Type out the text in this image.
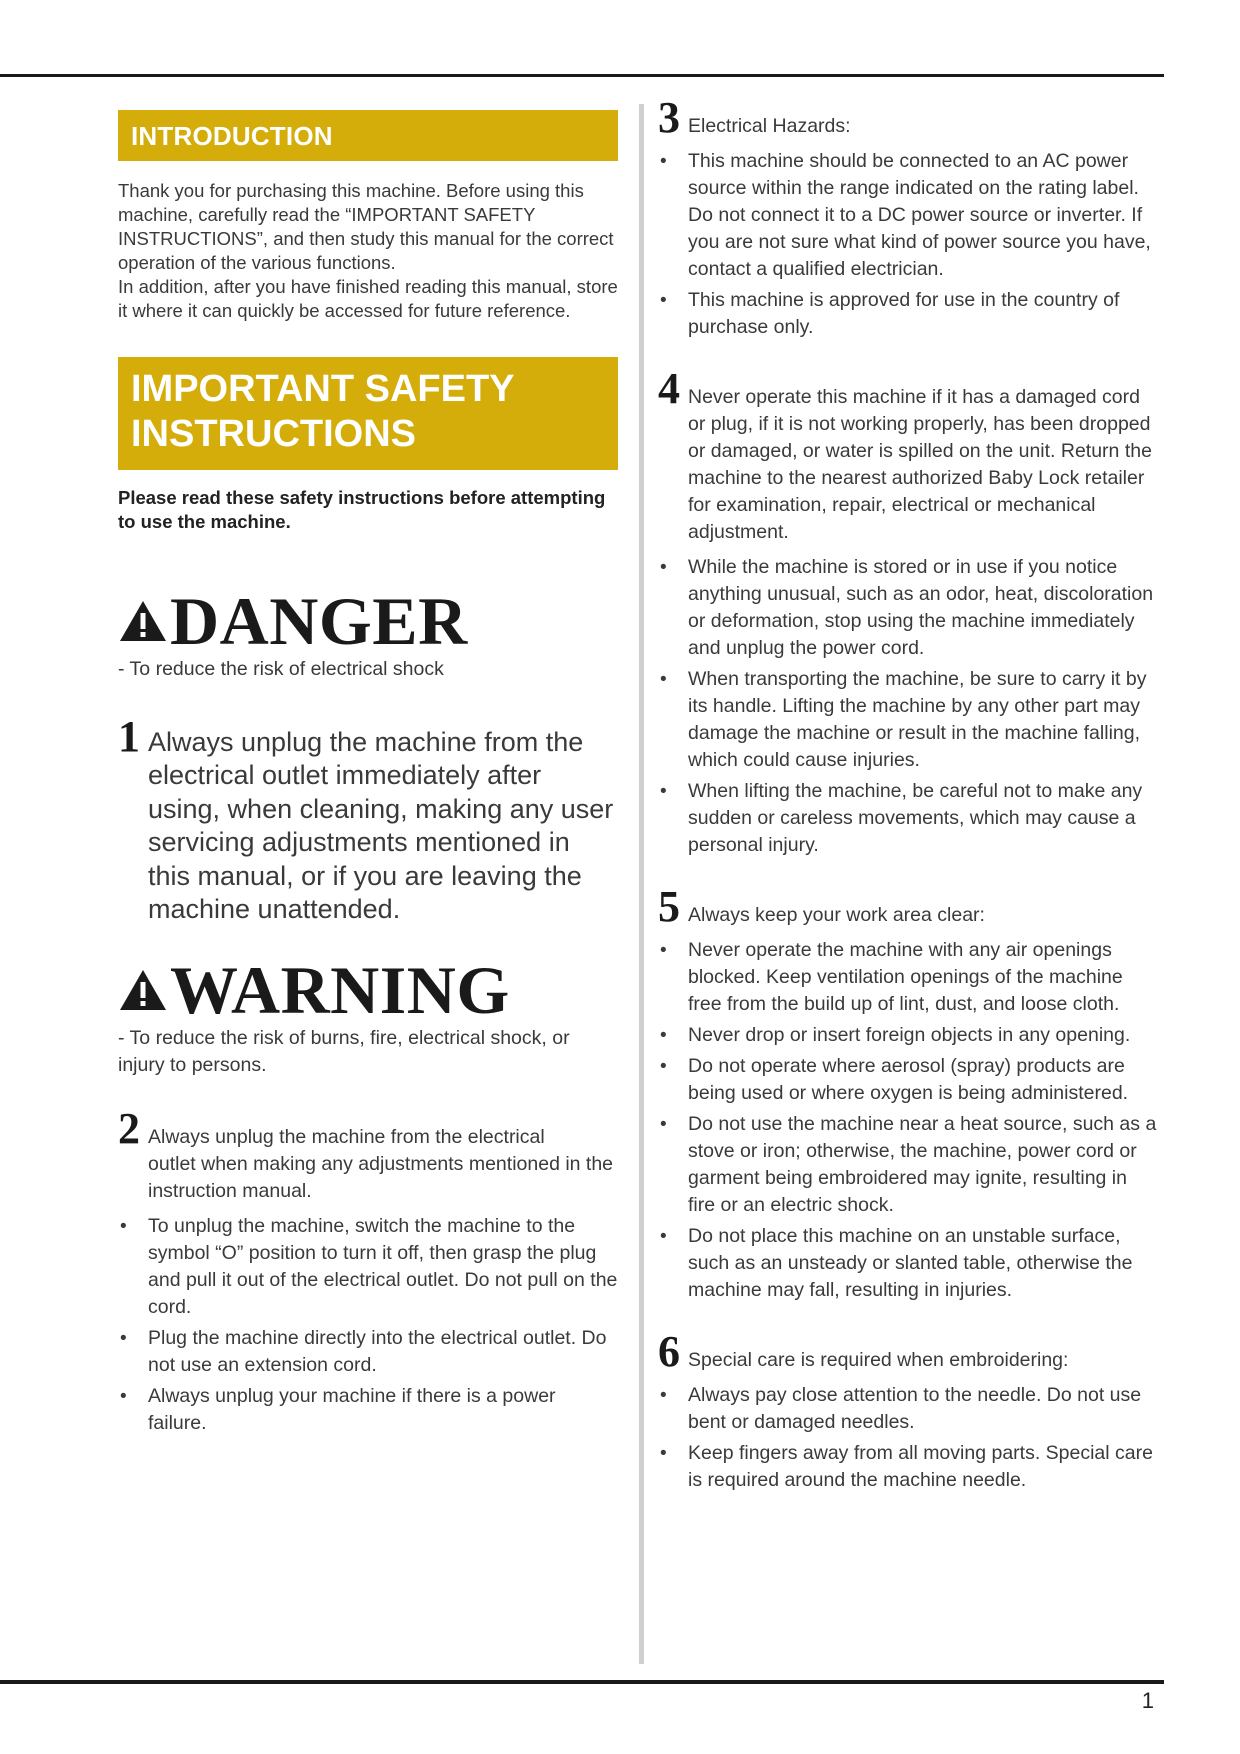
INTRODUCTION

Thank you for purchasing this machine. Before using this machine, carefully read the “IMPORTANT SAFETY INSTRUCTIONS”, and then study this manual for the correct operation of the various functions.

In addition, after you have finished reading this manual, store it where it can quickly be accessed for future reference.

IMPORTANT SAFETY INSTRUCTIONS
Please read these safety instructions before attempting to use the machine.
DANGER
- To reduce the risk of electrical shock
1 Always unplug the machine from the
electrical outlet immediately after using, when cleaning, making any user servicing adjustments mentioned in this manual, or if you are leaving the machine unattended.
WARNING
- To reduce the risk of burns, fire, electrical shock, or injury to persons.
2 Always unplug the machine from the electrical
outlet when making any adjustments mentioned in the instruction manual.
• To unplug the machine, switch the machine to the symbol “O” position to turn it off, then grasp the plug and pull it out of the electrical outlet. Do not pull on the cord.
• Plug the machine directly into the electrical outlet. Do not use an extension cord.
• Always unplug your machine if there is a power failure.
3 Electrical Hazards:
• This machine should be connected to an AC power source within the range indicated on the rating label. Do not connect it to a DC power source or inverter. If you are not sure what kind of power source you have, contact a qualified electrician.
• This machine is approved for use in the country of purchase only.
4 Never operate this machine if it has a damaged cord
or plug, if it is not working properly, has been dropped or damaged, or water is spilled on the unit. Return the machine to the nearest authorized Baby Lock retailer for examination, repair, electrical or mechanical adjustment.
• While the machine is stored or in use if you notice anything unusual, such as an odor, heat, discoloration or deformation, stop using the machine immediately and unplug the power cord.
• When transporting the machine, be sure to carry it by its handle. Lifting the machine by any other part may damage the machine or result in the machine falling, which could cause injuries.
• When lifting the machine, be careful not to make any sudden or careless movements, which may cause a personal injury.
5 Always keep your work area clear:
• Never operate the machine with any air openings blocked. Keep ventilation openings of the machine free from the build up of lint, dust, and loose cloth.
• Never drop or insert foreign objects in any opening.
• Do not operate where aerosol (spray) products are being used or where oxygen is being administered.
• Do not use the machine near a heat source, such as a stove or iron; otherwise, the machine, power cord or garment being embroidered may ignite, resulting in fire or an electric shock.
• Do not place this machine on an unstable surface, such as an unsteady or slanted table, otherwise the machine may fall, resulting in injuries.
6 Special care is required when embroidering:
• Always pay close attention to the needle. Do not use bent or damaged needles.
• Keep fingers away from all moving parts. Special care is required around the machine needle.
1
